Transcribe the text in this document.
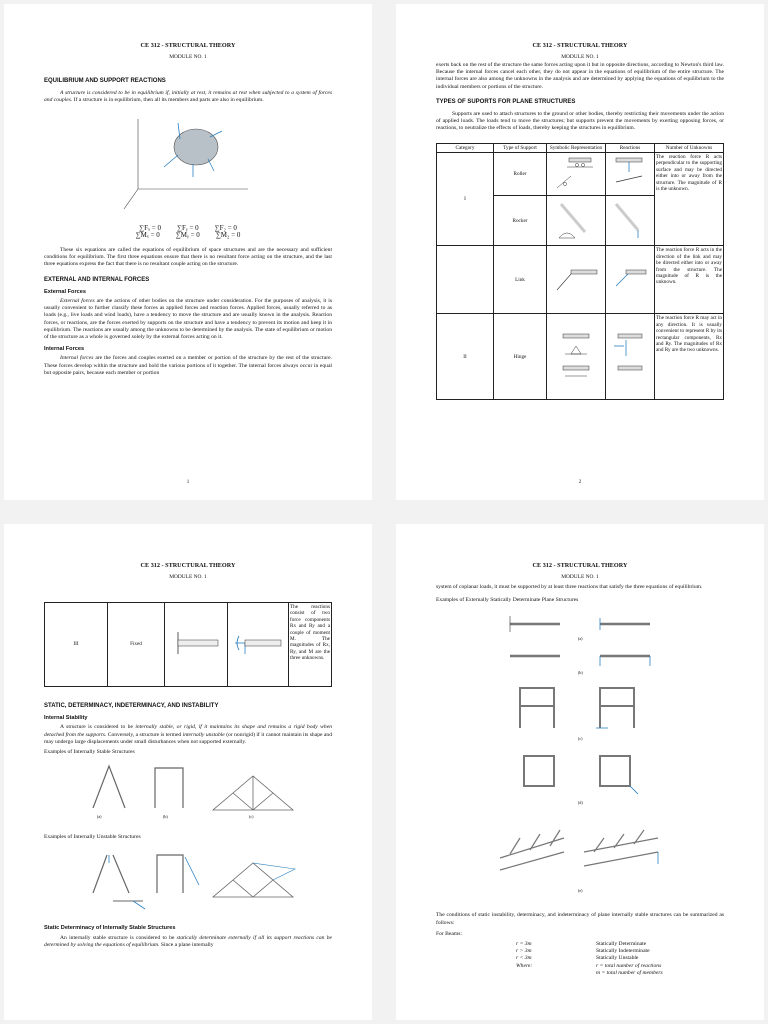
CE 312 - STRUCTURAL THEORY
MODULE NO. 1
EQUILIBRIUM AND SUPPORT REACTIONS

A structure is considered to be in equilibrium if, initially at rest, it remains at rest when subjected to a system of forces and couples. If a structure is in equilibrium, then all its members and parts are also in equilibrium.

∑Fₓ = 0 ∑Fᵧ = 0 ∑F₂ = 0
∑Mₓ = 0 ∑Mᵧ = 0 ∑M₂ = 0

These six equations are called the equations of equilibrium of space structures and are the necessary and sufficient conditions for equilibrium. The first three equations ensure that there is no resultant force acting on the structure, and the last three equations express the fact that there is no resultant couple acting on the structure.

EXTERNAL AND INTERNAL FORCES
External Forces

External forces are the actions of other bodies on the structure under consideration. For the purposes of analysis, it is usually convenient to further classify these forces as applied forces and reaction forces. Applied forces, usually referred to as loads (e.g., live loads and wind loads), have a tendency to move the structure and are usually known in the analysis. Reaction forces, or reactions, are the forces exerted by supports on the structure and have a tendency to prevent its motion and keep it in equilibrium. The reactions are usually among the unknowns to be determined by the analysis. The state of equilibrium or motion of the structure as a whole is governed solely by the external forces acting on it.

Internal Forces

Internal forces are the forces and couples exerted on a member or portion of the structure by the rest of the structure. These forces develop within the structure and hold the various portions of it together. The internal forces always occur in equal but opposite pairs, because each member or portion

1
CE 312 - STRUCTURAL THEORY
MODULE NO. 1

exerts back on the rest of the structure the same forces acting upon it but in opposite directions, according to Newton's third law. Because the internal forces cancel each other, they do not appear in the equations of equilibrium of the entire structure. The internal forces are also among the unknowns in the analysis and are determined by applying the equations of equilibrium to the individual members or portions of the structure.

TYPES OF SUPORTS FOR PLANE STRUCTURES

Supports are used to attach structures to the ground or other bodies, thereby restricting their movements under the action of applied loads. The loads tend to move the structures; but supports prevent the movements by exerting opposing forces, or reactions, to neutralize the effects of loads, thereby keeping the structures in equilibrium.

Category	Type of Support	Symbolic Representation	Reactions	Number of Unknowns
I	Roller			The reaction force R acts perpendicular to the supporting surface and may be directed either into or away from the structure. The magnitude of R is the unknown.
	Rocker		
	Link			The reaction force R acts in the direction of the link and may be directed either into or away from the structure. The magnitude of R is the unknown.
II	Hinge			The reaction force R may act in any direction. It is usually convenient to represent R by its rectangular components, Rx and Ry. The magnitudes of Rx and Ry are the two unknowns.
2
CE 312 - STRUCTURAL THEORY
MODULE NO. 1
III	Fixed			The reactions consist of two force components Rx and Ry and a couple of moment M. The magnitudes of Rx, Ry, and M are the three unknowns.
STATIC, DETERMINACY, INDETERMINACY, AND INSTABILITY
Internal Stability

A structure is considered to be internally stable, or rigid, if it maintains its shape and remains a rigid body when detached from the supports. Conversely, a structure is termed internally unstable (or nonrigid) if it cannot maintain its shape and may undergo large displacements under small disturbances when not supported externally.

Examples of Internally Stable Structures

(a)	(b)	(c)

Examples of Internally Unstable Structures

Static Determinacy of Internally Stable Structures

An internally stable structure is considered to be statically determinate externally if all its support reactions can be determined by solving the equations of equilibrium. Since a plane internally

CE 312 - STRUCTURAL THEORY
MODULE NO. 1

system of coplanar loads, it must be supported by at least three reactions that satisfy the three equations of equilibrium.

Examples of Externally Statically Determinate Plane Structures

(a)
(b)
(c)
(d)
(e)

The conditions of static instability, determinacy, and indeterminacy of plane internally stable structures can be summarized as follows:

For Beams:

r = 3m	Statically Determinate
r > 3m	Statically Indeterminate
r < 3m	Statically Unstable
Where:	r = total number of reactions
m = total number of members
